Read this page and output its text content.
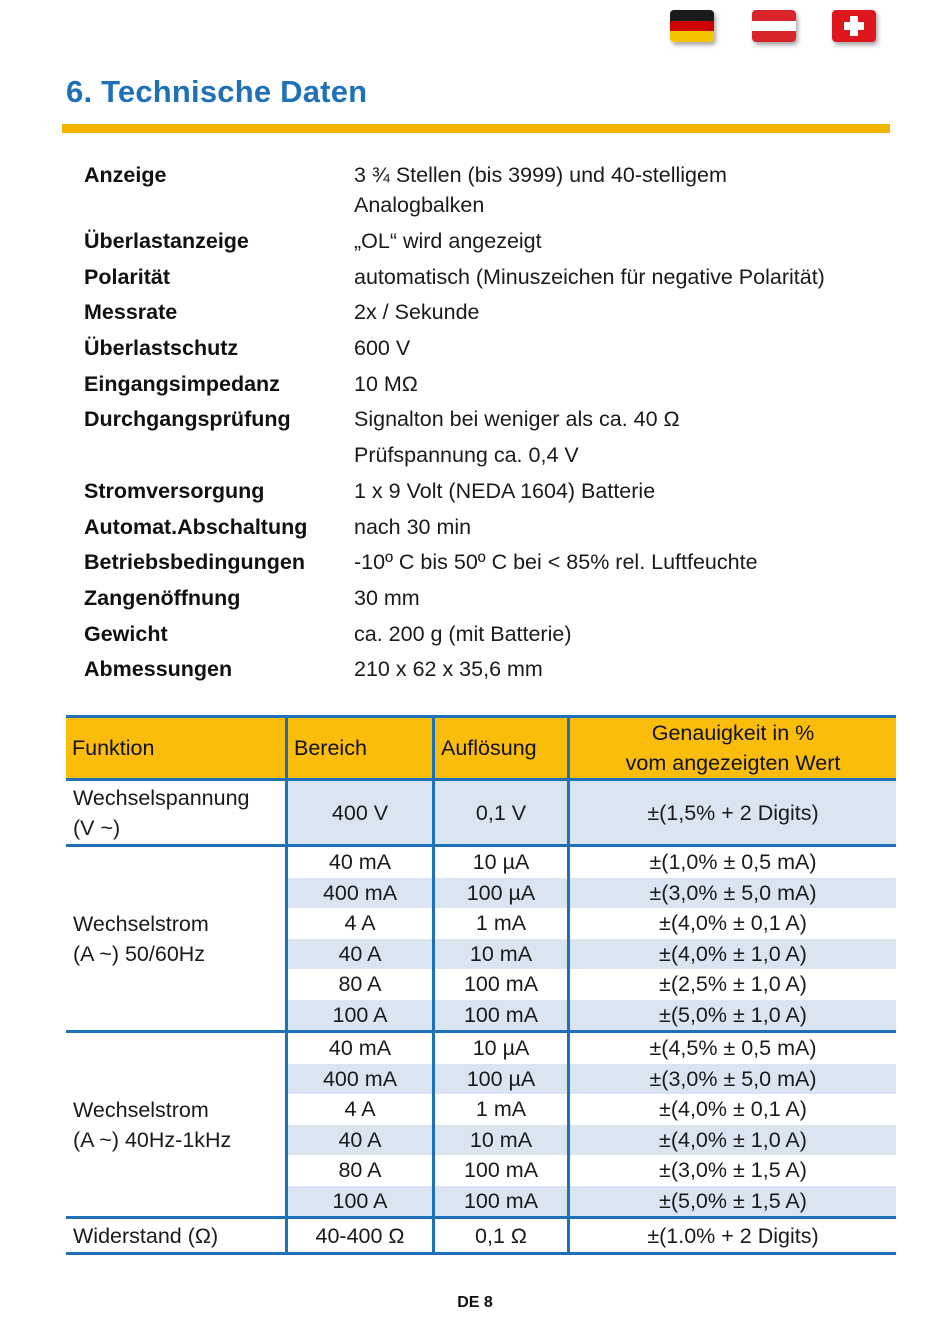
6. Technische Daten
Anzeige	3 ¾ Stellen (bis 3999) und 40-stelligem
Analogbalken
Überlastanzeige	„OL“ wird angezeigt
Polarität	automatisch (Minuszeichen für negative Polarität)
Messrate	2x / Sekunde
Überlastschutz	600 V
Eingangsimpedanz	10 MΩ
Durchgangsprüfung	Signalton bei weniger als ca. 40 Ω
	Prüfspannung ca. 0,4 V
Stromversorgung	1 x 9 Volt (NEDA 1604) Batterie
Automat.Abschaltung	nach 30 min
Betriebsbedingungen	-10º C bis 50º C bei < 85% rel. Luftfeuchte
Zangenöffnung	30 mm
Gewicht	ca. 200 g (mit Batterie)
Abmessungen	210 x 62 x 35,6 mm
Funktion	Bereich	Auflösung	Genauigkeit in %
vom angezeigten Wert
Wechselspannung
(V ~)	400 V	0,1 V	±(1,5% + 2 Digits)
Wechselstrom
(A ~) 50/60Hz	40 mA	10 µA	±(1,0% ± 0,5 mA)
	400 mA	100 µA	±(3,0% ± 5,0 mA)
	4 A	1 mA	±(4,0% ± 0,1 A)
	40 A	10 mA	±(4,0% ± 1,0 A)
	80 A	100 mA	±(2,5% ± 1,0 A)
	100 A	100 mA	±(5,0% ± 1,0 A)
Wechselstrom
(A ~) 40Hz-1kHz	40 mA	10 µA	±(4,5% ± 0,5 mA)
	400 mA	100 µA	±(3,0% ± 5,0 mA)
	4 A	1 mA	±(4,0% ± 0,1 A)
	40 A	10 mA	±(4,0% ± 1,0 A)
	80 A	100 mA	±(3,0% ± 1,5 A)
	100 A	100 mA	±(5,0% ± 1,5 A)
Widerstand (Ω)	40-400 Ω	0,1 Ω	±(1.0% + 2 Digits)
DE 8
